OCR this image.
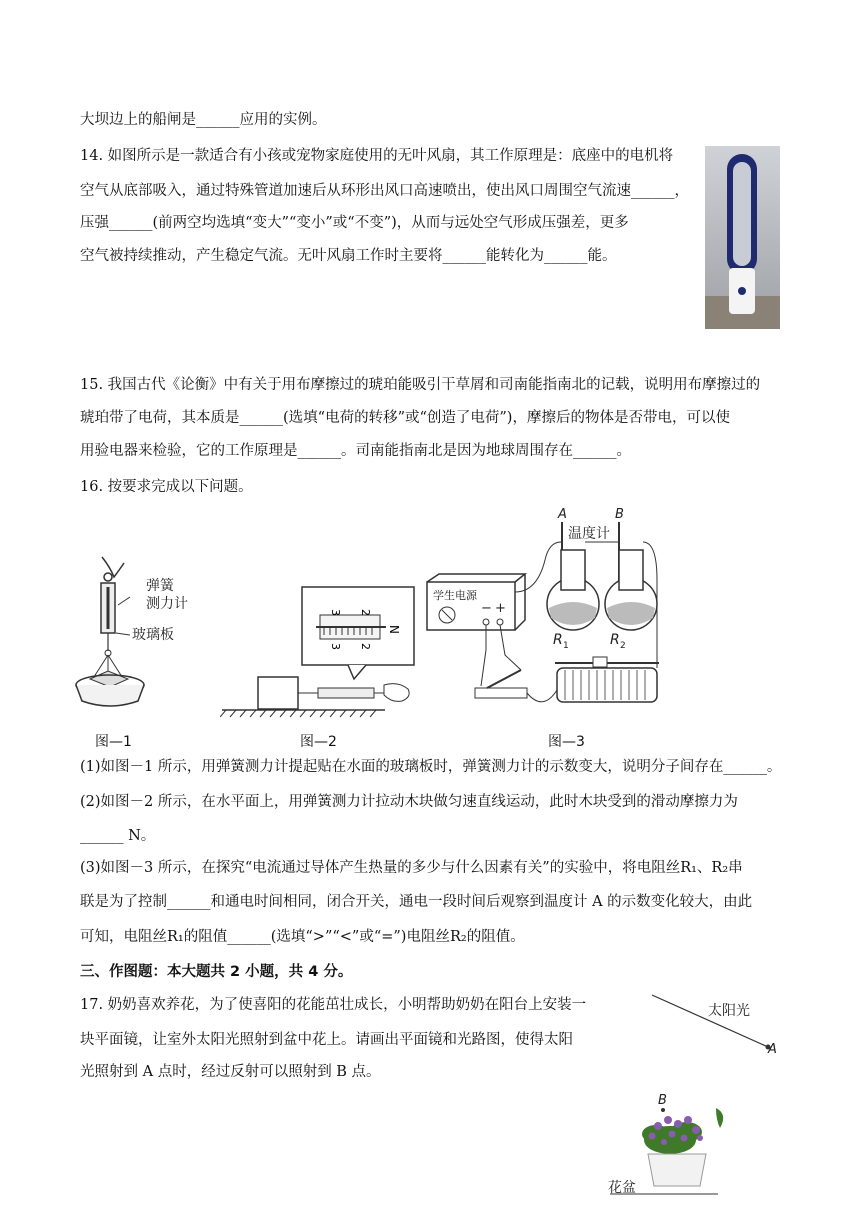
大坝边上的船闸是______应用的实例。
14. 如图所示是一款适合有小孩或宠物家庭使用的无叶风扇，其工作原理是：底座中的电机将
空气从底部吸入，通过特殊管道加速后从环形出风口高速喷出，使出风口周围空气流速______，
压强______(前两空均选填“变大”“变小”或“不变”)，从而与远处空气形成压强差，更多
空气被持续推动，产生稳定气流。无叶风扇工作时主要将______能转化为______能。
15. 我国古代《论衡》中有关于用布摩擦过的琥珀能吸引干草屑和司南能指南北的记载，说明用布摩擦过的
琥珀带了电荷，其本质是______(选填“电荷的转移”或“创造了电荷”)，摩擦后的物体是否带电，可以使
用验电器来检验，它的工作原理是______。司南能指南北是因为地球周围存在______。
16. 按要求完成以下问题。
(1)如图－1 所示，用弹簧测力计提起贴在水面的玻璃板时，弹簧测力计的示数变大，说明分子间存在______。
(2)如图－2 所示，在水平面上，用弹簧测力计拉动木块做匀速直线运动，此时木块受到的滑动摩擦力为
______ N。
(3)如图－3 所示，在探究“电流通过导体产生热量的多少与什么因素有关”的实验中，将电阻丝R₁、R₂串
联是为了控制______和通电时间相同，闭合开关，通电一段时间后观察到温度计 A 的示数变化较大，由此
可知，电阻丝R₁的阻值______(选填“>”“<”或“=”)电阻丝R₂的阻值。
三、作图题：本大题共 2 小题，共 4 分。
17. 奶奶喜欢养花，为了使喜阳的花能茁壮成长，小明帮助奶奶在阳台上安装一
块平面镜，让室外太阳光照射到盆中花上。请画出平面镜和光路图，使得太阳
光照射到 A 点时，经过反射可以照射到 B 点。
弹簧
测力计
玻璃板
图—1
3 2
3 2
N
图—2
A	B
温度计
R 1	R 2
学生电源
− +
图—3
太阳光
A
B
花盆
